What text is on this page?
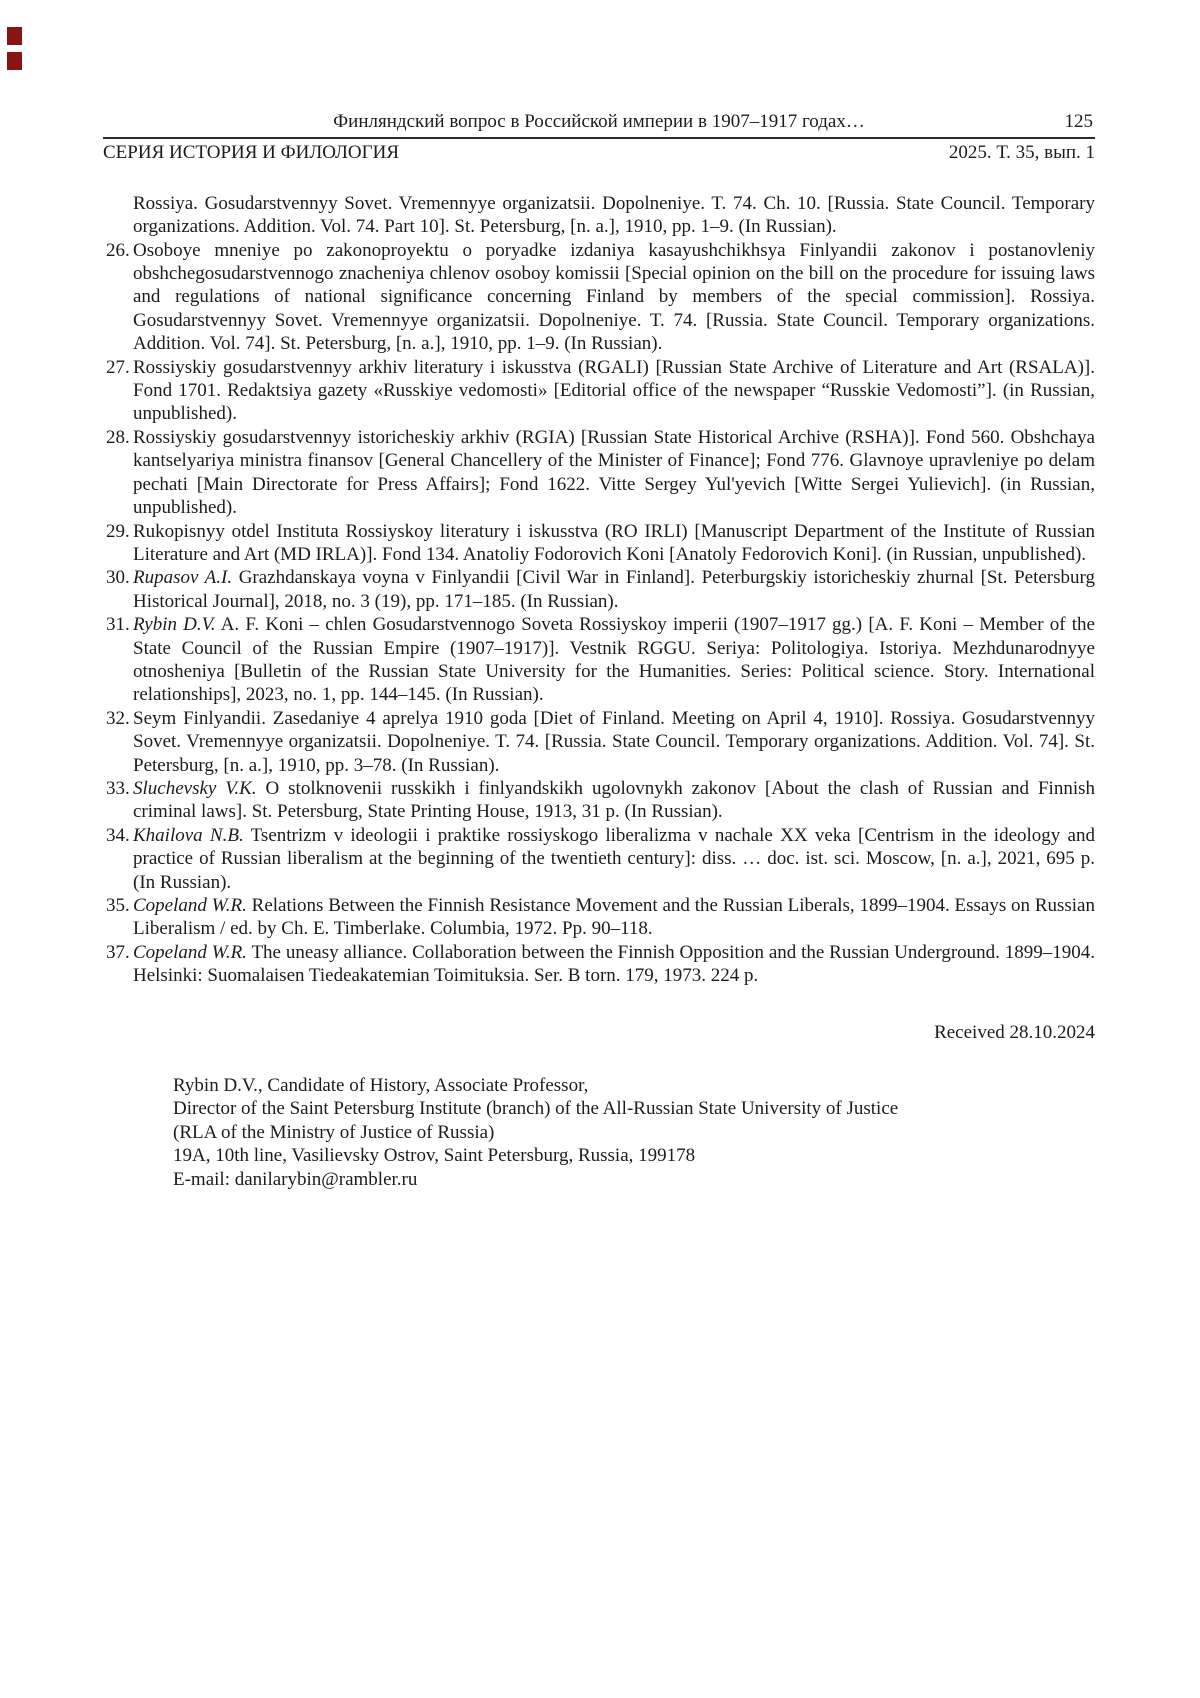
Финляндский вопрос в Российской империи в 1907–1917 годах…	125
СЕРИЯ ИСТОРИЯ И ФИЛОЛОГИЯ	2025. Т. 35, вып. 1
Rossiya. Gosudarstvennyy Sovet. Vremennyye organizatsii. Dopolneniye. T. 74. Ch. 10. [Russia. State Council. Temporary organizations. Addition. Vol. 74. Part 10]. St. Petersburg, [n. a.], 1910, pp. 1–9. (In Russian).
26. Osoboye mneniye po zakonoproyektu o poryadke izdaniya kasayushchikhsya Finlyandii zakonov i postanovleniy obshchegosudarstvennogo znacheniya chlenov osoboy komissii [Special opinion on the bill on the procedure for issuing laws and regulations of national significance concerning Finland by members of the special commission]. Rossiya. Gosudarstvennyy Sovet. Vremennyye organizatsii. Dopolneniye. T. 74. [Russia. State Council. Temporary organizations. Addition. Vol. 74]. St. Petersburg, [n. a.], 1910, pp. 1–9. (In Russian).
27. Rossiyskiy gosudarstvennyy arkhiv literatury i iskusstva (RGALI) [Russian State Archive of Literature and Art (RSALA)]. Fond 1701. Redaktsiya gazety «Russkiye vedomosti» [Editorial office of the newspaper “Russkie Vedomosti”]. (in Russian, unpublished).
28. Rossiyskiy gosudarstvennyy istoricheskiy arkhiv (RGIA) [Russian State Historical Archive (RSHA)]. Fond 560. Obshchaya kantselyariya ministra finansov [General Chancellery of the Minister of Finance]; Fond 776. Glavnoye upravleniye po delam pechati [Main Directorate for Press Affairs]; Fond 1622. Vitte Sergey Yul'yevich [Witte Sergei Yulievich]. (in Russian, unpublished).
29. Rukopisnyy otdel Instituta Rossiyskoy literatury i iskusstva (RO IRLI) [Manuscript Department of the Institute of Russian Literature and Art (MD IRLA)]. Fond 134. Anatoliy Fodorovich Koni [Anatoly Fedorovich Koni]. (in Russian, unpublished).
30. Rupasov A.I. Grazhdanskaya voyna v Finlyandii [Civil War in Finland]. Peterburgskiy istoricheskiy zhurnal [St. Petersburg Historical Journal], 2018, no. 3 (19), pp. 171–185. (In Russian).
31. Rybin D.V. A. F. Koni – chlen Gosudarstvennogo Soveta Rossiyskoy imperii (1907–1917 gg.) [A. F. Koni – Member of the State Council of the Russian Empire (1907–1917)]. Vestnik RGGU. Seriya: Politologiya. Istoriya. Mezhdunarodnyye otnosheniya [Bulletin of the Russian State University for the Humanities. Series: Political science. Story. International relationships], 2023, no. 1, pp. 144–145. (In Russian).
32. Seym Finlyandii. Zasedaniye 4 aprelya 1910 goda [Diet of Finland. Meeting on April 4, 1910]. Rossiya. Gosudarstvennyy Sovet. Vremennyye organizatsii. Dopolneniye. T. 74. [Russia. State Council. Temporary organizations. Addition. Vol. 74]. St. Petersburg, [n. a.], 1910, pp. 3–78. (In Russian).
33. Sluchevsky V.K. O stolknovenii russkikh i finlyandskikh ugolovnykh zakonov [About the clash of Russian and Finnish criminal laws]. St. Petersburg, State Printing House, 1913, 31 p. (In Russian).
34. Khailova N.B. Tsentrizm v ideologii i praktike rossiyskogo liberalizma v nachale XX veka [Centrism in the ideology and practice of Russian liberalism at the beginning of the twentieth century]: diss. … doc. ist. sci. Moscow, [n. a.], 2021, 695 p. (In Russian).
35. Copeland W.R. Relations Between the Finnish Resistance Movement and the Russian Liberals, 1899–1904. Essays on Russian Liberalism / ed. by Ch. E. Timberlake. Columbia, 1972. Pp. 90–118.
37. Copeland W.R. The uneasy alliance. Collaboration between the Finnish Opposition and the Russian Underground. 1899–1904. Helsinki: Suomalaisen Tiedeakatemian Toimituksia. Ser. B torn. 179, 1973. 224 p.
Received 28.10.2024
Rybin D.V., Candidate of History, Associate Professor,
Director of the Saint Petersburg Institute (branch) of the All-Russian State University of Justice
(RLA of the Ministry of Justice of Russia)
19A, 10th line, Vasilievsky Ostrov, Saint Petersburg, Russia, 199178
E-mail: danilarybin@rambler.ru
